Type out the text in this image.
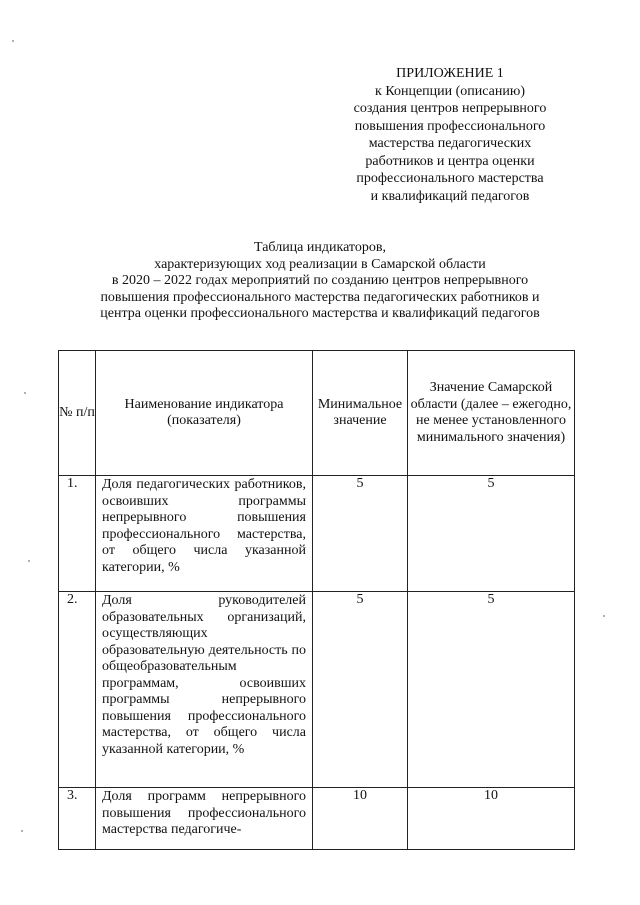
ПРИЛОЖЕНИЕ 1
к Концепции (описанию)
создания центров непрерывного
повышения профессионального
мастерства педагогических
работников и центра оценки
профессионального мастерства
и квалификаций педагогов
Таблица индикаторов,
характеризующих ход реализации в Самарской области
в 2020 – 2022 годах мероприятий по созданию центров непрерывного
повышения профессионального мастерства педагогических работников и
центра оценки профессионального мастерства и квалификаций педагогов
№ п/п	Наименование индикатора (показателя)	Минимальное значение	Значение Самарской области (далее – ежегодно, не менее установленного минимального значения)
1.	Доля педагогических работников, освоивших программы непрерывного повышения профессионального мастерства, от общего числа указанной категории, %	5	5
2.	Доля руководителей образовательных организаций, осуществляющих образовательную деятельность по общеобразовательным программам, освоивших программы непрерывного повышения профессионального мастерства, от общего числа указанной категории, %	5	5
3.	Доля программ непрерывного повышения профессионального мастерства педагогиче-	10	10
